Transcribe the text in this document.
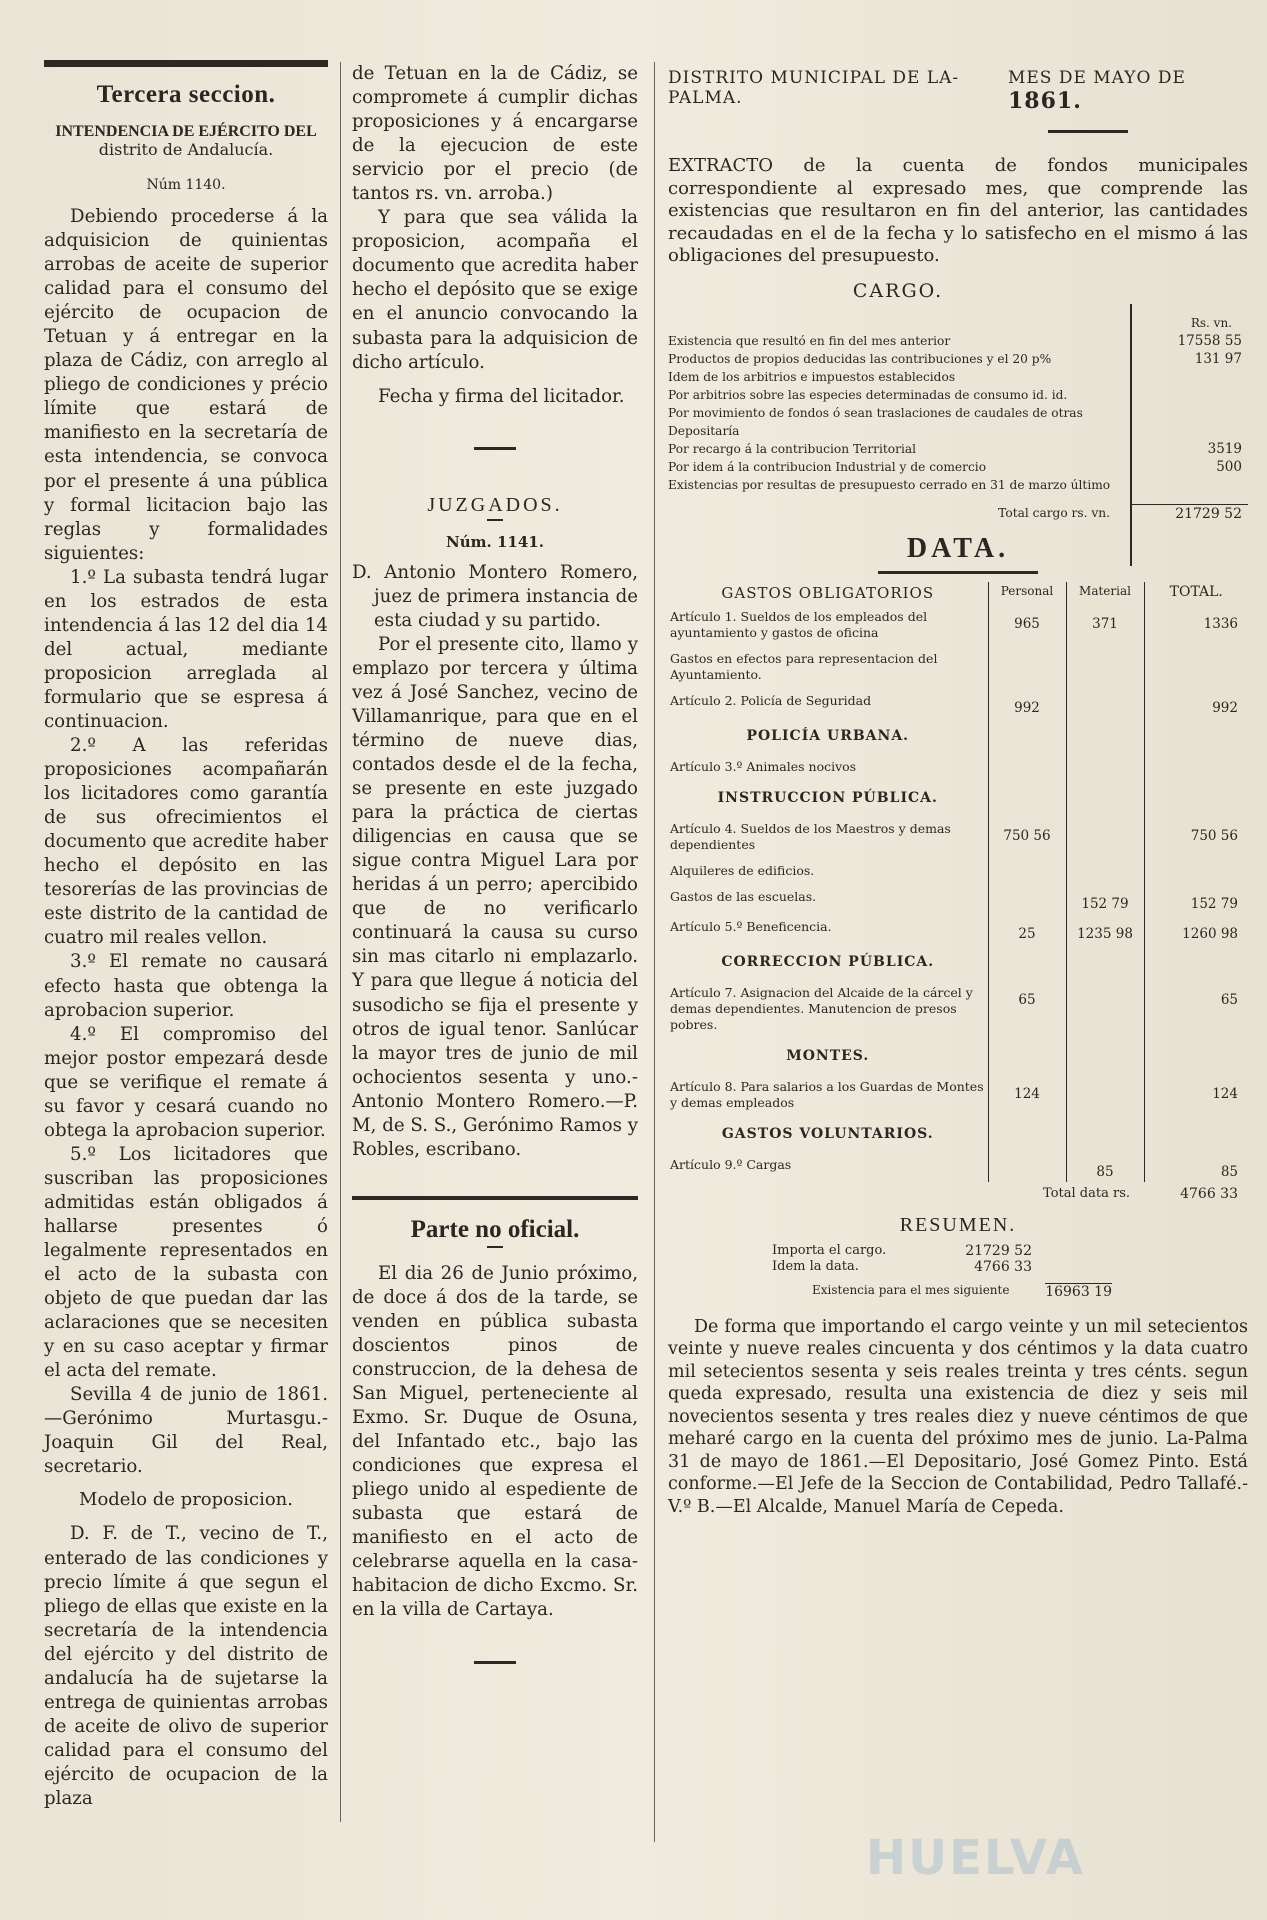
Tercera seccion.
INTENDENCIA DE EJÉRCITO DEL
distrito de Andalucía.
Núm 1140.

Debiendo procederse á la adquisicion de quinientas arrobas de aceite de superior calidad para el consumo del ejército de ocupacion de Tetuan y á entregar en la plaza de Cádiz, con arreglo al pliego de condiciones y précio límite que estará de manifiesto en la secretaría de esta intendencia, se convoca por el presente á una pública y formal licitacion bajo las reglas y formalidades siguientes:

1.º La subasta tendrá lugar en los estrados de esta intendencia á las 12 del dia 14 del actual, mediante proposicion arreglada al formulario que se espresa á continuacion.

2.º A las referidas proposiciones acompañarán los licitadores como garantía de sus ofrecimientos el documento que acredite haber hecho el depósito en las tesorerías de las provincias de este distrito de la cantidad de cuatro mil reales vellon.

3.º El remate no causará efecto hasta que obtenga la aprobacion superior.

4.º El compromiso del mejor postor empezará desde que se verifique el remate á su favor y cesará cuando no obtega la aprobacion superior.

5.º Los licitadores que suscriban las proposiciones admitidas están obligados á hallarse presentes ó legalmente representados en el acto de la subasta con objeto de que puedan dar las aclaraciones que se necesiten y en su caso aceptar y firmar el acta del remate.

Sevilla 4 de junio de 1861. —Gerónimo Murtasgu.-Joaquin Gil del Real, secretario.

Modelo de proposicion.

D. F. de T., vecino de T., enterado de las condiciones y precio límite á que segun el pliego de ellas que existe en la secretaría de la intendencia del ejército y del distrito de andalucía ha de sujetarse la entrega de quinientas arrobas de aceite de olivo de superior calidad para el consumo del ejército de ocupacion de la plaza

de Tetuan en la de Cádiz, se compromete á cumplir dichas proposiciones y á encargarse de la ejecucion de este servicio por el precio (de tantos rs. vn. arroba.)

Y para que sea válida la proposicion, acompaña el documento que acredita haber hecho el depósito que se exige en el anuncio convocando la subasta para la adquisicion de dicho artículo.

Fecha y firma del licitador.

JUZGADOS.
Núm. 1141.

D. Antonio Montero Romero, juez de primera instancia de esta ciudad y su partido.

Por el presente cito, llamo y emplazo por tercera y última vez á José Sanchez, vecino de Villamanrique, para que en el término de nueve dias, contados desde el de la fecha, se presente en este juzgado para la práctica de ciertas diligencias en causa que se sigue contra Miguel Lara por heridas á un perro; apercibido que de no verificarlo continuará la causa su curso sin mas citarlo ni emplazarlo. Y para que llegue á noticia del susodicho se fija el presente y otros de igual tenor. Sanlúcar la mayor tres de junio de mil ochocientos sesenta y uno.-Antonio Montero Romero.—P. M, de S. S., Gerónimo Ramos y Robles, escribano.

Parte no oficial.

El dia 26 de Junio próximo, de doce á dos de la tarde, se venden en pública subasta doscientos pinos de construccion, de la dehesa de San Miguel, perteneciente al Exmo. Sr. Duque de Osuna, del Infantado etc., bajo las condiciones que expresa el pliego unido al espediente de subasta que estará de manifiesto en el acto de celebrarse aquella en la casa-habitacion de dicho Excmo. Sr. en la villa de Cartaya.

DISTRITO MUNICIPAL DE LA-PALMA.
MES DE MAYO DE 1861.

EXTRACTO de la cuenta de fondos municipales correspondiente al expresado mes, que comprende las existencias que resultaron en fin del anterior, las cantidades recaudadas en el de la fecha y lo satisfecho en el mismo á las obligaciones del presupuesto.

CARGO.
Rs. vn.
Existencia que resultó en fin del mes anterior	17558 55
Productos de propios deducidas las contribuciones y el 20 p%	131 97
Idem de los arbitrios e impuestos establecidos
Por arbitrios sobre las especies determinadas de consumo id. id.
Por movimiento de fondos ó sean traslaciones de caudales de otras Depositaría
Por recargo á la contribucion Territorial	3519
Por idem á la contribucion Industrial y de comercio	500
Existencias por resultas de presupuesto cerrado en 31 de marzo último
Total cargo rs. vn.	21729 52
DATA.
GASTOS OBLIGATORIOS	Personal	Material	TOTAL.
Artículo 1. Sueldos de los empleados del ayuntamiento y gastos de oficina	965	371	1336
Gastos en efectos para representacion del Ayuntamiento.			
Artículo 2. Policía de Seguridad	992		992
POLICÍA URBANA.			
Artículo 3.º Animales nocivos			
INSTRUCCION PÚBLICA.			
Artículo 4. Sueldos de los Maestros y demas dependientes	750 56		750 56
Alquileres de edificios.			
Gastos de las escuelas.		152 79	152 79
Artículo 5.º Beneficencia.	25	1235 98	1260 98
CORRECCION PÚBLICA.			
Artículo 7. Asignacion del Alcaide de la cárcel y demas dependientes. Manutencion de presos pobres.	65		65
MONTES.			
Artículo 8. Para salarios a los Guardas de Montes y demas empleados	124		124
GASTOS VOLUNTARIOS.			
Artículo 9.º Cargas		85	85
Total data rs.	4766 33
RESUMEN.
Importa el cargo.	21729 52
Idem la data.	4766 33
Existencia para el mes siguiente	16963 19

De forma que importando el cargo veinte y un mil setecientos veinte y nueve reales cincuenta y dos céntimos y la data cuatro mil setecientos sesenta y seis reales treinta y tres cénts. segun queda expresado, resulta una existencia de diez y seis mil novecientos sesenta y tres reales diez y nueve céntimos de que meharé cargo en la cuenta del próximo mes de junio. La-Palma 31 de mayo de 1861.—El Depositario, José Gomez Pinto. Está conforme.—El Jefe de la Seccion de Contabilidad, Pedro Tallafé.-V.º B.—El Alcalde, Manuel María de Cepeda.

HUELVA
